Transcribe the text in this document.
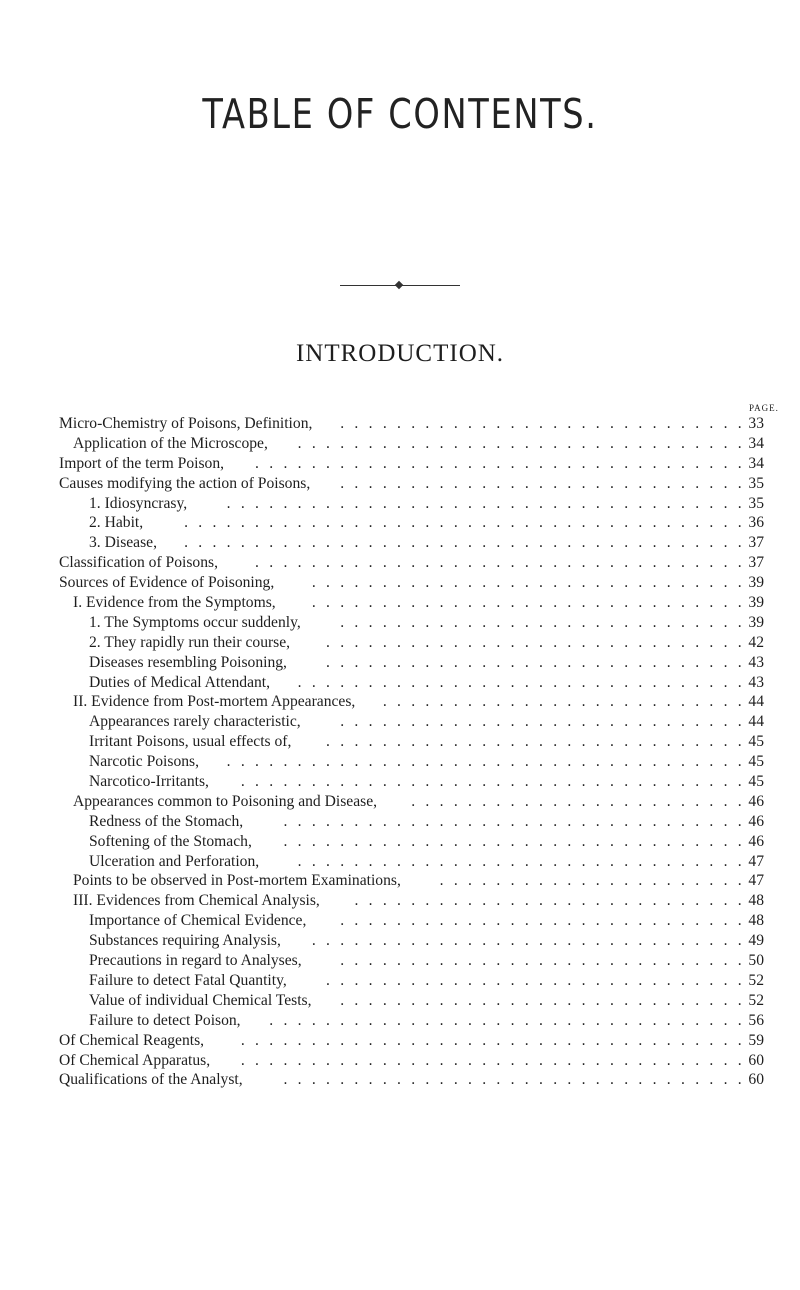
TABLE OF CONTENTS.
INTRODUCTION.
PAGE.
.............................
Micro-Chemistry of Poisons, Definition,	33
................................
Application of the Microscope,	34
...................................
Import of the term Poison,	34
.............................
Causes modifying the action of Poisons,	35
.....................................
1. Idiosyncrasy,	35
........................................
2. Habit,	36
........................................
3. Disease,	37
...................................
Classification of Poisons,	37
...............................
Sources of Evidence of Poisoning,	39
...............................
I. Evidence from the Symptoms,	39
.............................
1. The Symptoms occur suddenly,	39
..............................
2. They rapidly run their course,	42
..............................
Diseases resembling Poisoning,	43
................................
Duties of Medical Attendant,	43
..........................
II. Evidence from Post-mortem Appearances,	44
.............................
Appearances rarely characteristic,	44
..............................
Irritant Poisons, usual effects of,	45
.....................................
Narcotic Poisons,	45
....................................
Narcotico-Irritants,	45
........................
Appearances common to Poisoning and Disease,	46
.................................
Redness of the Stomach,	46
.................................
Softening of the Stomach,	46
................................
Ulceration and Perforation,	47
......................
Points to be observed in Post-mortem Examinations,	47
............................
III. Evidences from Chemical Analysis,	48
.............................
Importance of Chemical Evidence,	48
...............................
Substances requiring Analysis,	49
.............................
Precautions in regard to Analyses,	50
..............................
Failure to detect Fatal Quantity,	52
.............................
Value of individual Chemical Tests,	52
..................................
Failure to detect Poison,	56
....................................
Of Chemical Reagents,	59
....................................
Of Chemical Apparatus,	60
.................................
Qualifications of the Analyst,	60
